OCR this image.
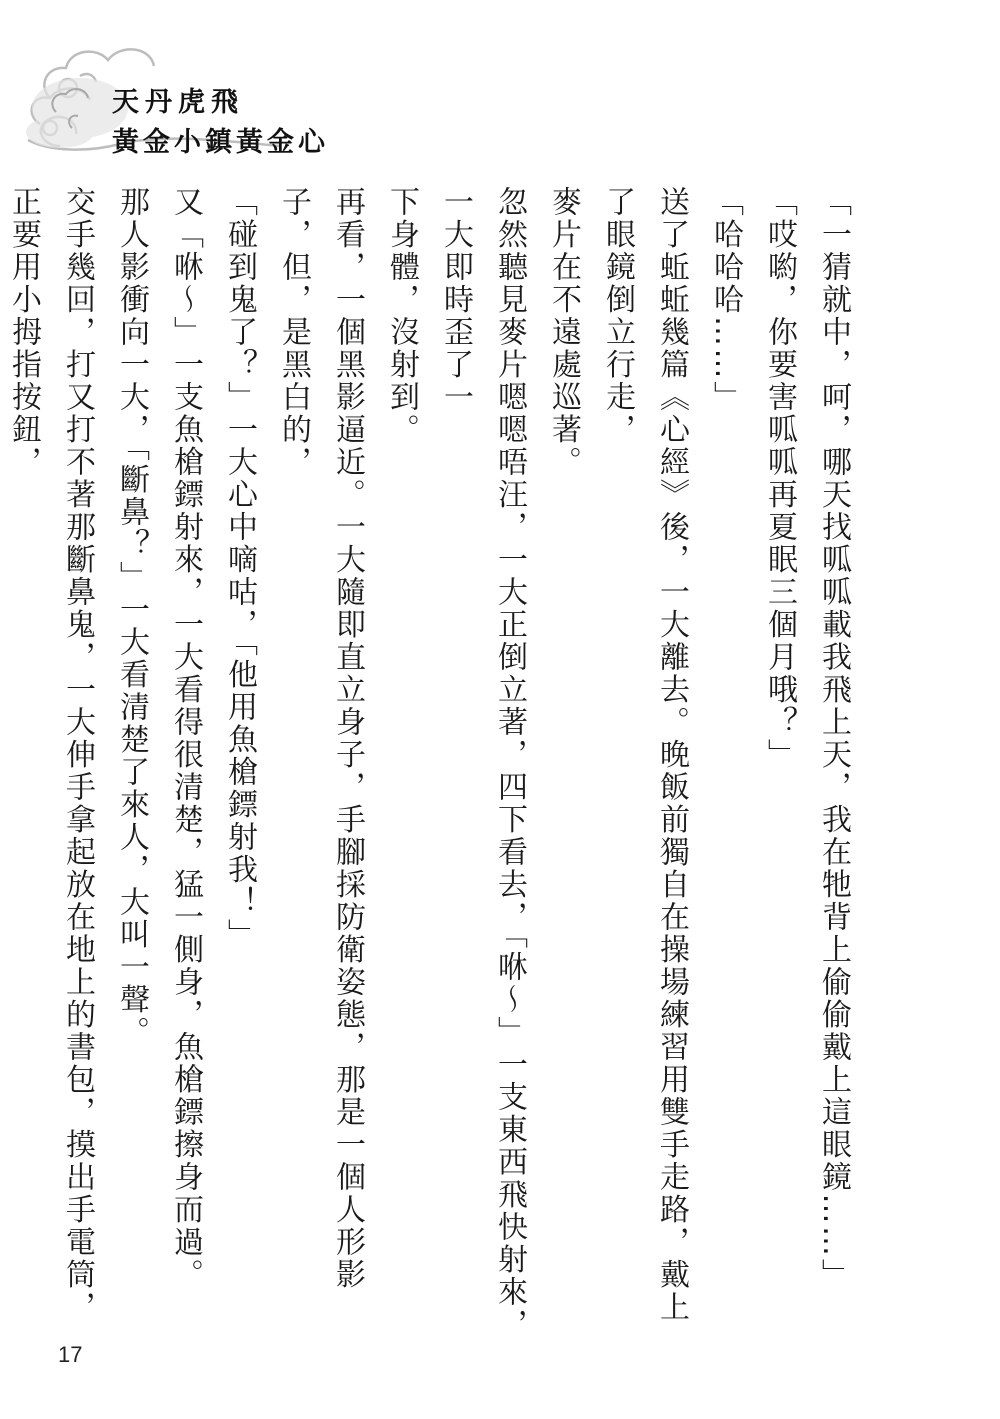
天丹虎飛
黃金小鎮黃金心

「一猜就中，呵，哪天找呱呱載我飛上天，我在牠背上偷偷戴上這眼鏡……」

「哎喲，你要害呱呱再夏眠三個月哦？」

「哈哈哈……」

送了蚯蚯幾篇《心經》後，一大離去。晚飯前獨自在操場練習用雙手走路，戴上了眼鏡倒立行走，

麥片在不遠處巡著。

忽然聽見麥片嗯嗯唔汪，一大正倒立著，四下看去，「咻～」一支東西飛快射來，一大即時歪了一

下身體，沒射到。

再看，一個黑影逼近。一大隨即直立身子，手腳採防衛姿態，那是一個人形影子，但，是黑白的，

「碰到鬼了？」一大心中嘀咕，「他用魚槍鏢射我！」

又「咻～」一支魚槍鏢射來，一大看得很清楚，猛一側身，魚槍鏢擦身而過。

那人影衝向一大，「斷鼻？」一大看清楚了來人，大叫一聲。

交手幾回，打又打不著那斷鼻鬼，一大伸手拿起放在地上的書包，摸出手電筒，正要用小拇指按鈕，

17
